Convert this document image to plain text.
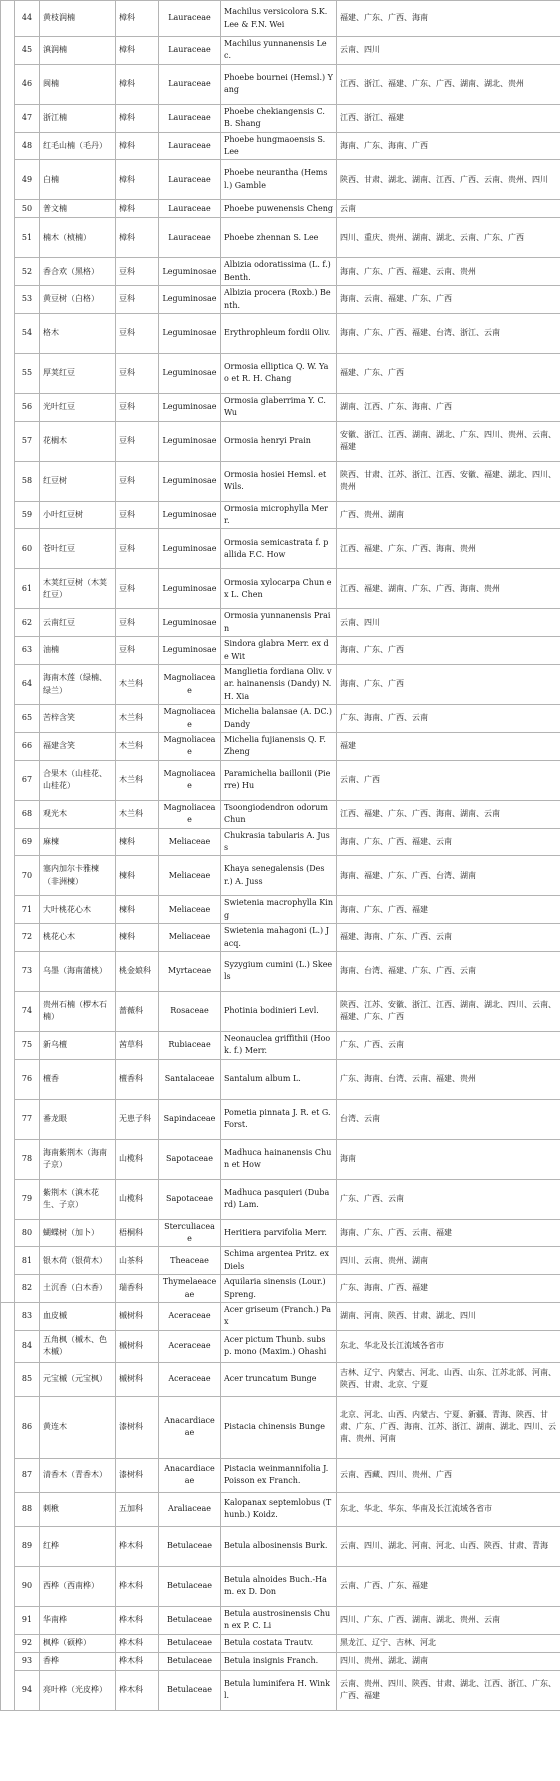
	44	黄枝润楠	樟科	Lauraceae	Machilus versicolora S.K. Lee & F.N. Wei	福建、广东、广西、海南
	45	滇润楠	樟科	Lauraceae	Machilus yunnanensis Lec.	云南、四川
	46	闽楠	樟科	Lauraceae	Phoebe bournei (Hemsl.) Yang	江西、浙江、福建、广东、广西、湖南、湖北、贵州
	47	浙江楠	樟科	Lauraceae	Phoebe chekiangensis C. B. Shang	江西、浙江、福建
	48	红毛山楠（毛丹）	樟科	Lauraceae	Phoebe hungmaoensis S. Lee	海南、广东、海南、广西
	49	白楠	樟科	Lauraceae	Phoebe neurantha (Hemsl.) Gamble	陕西、甘肃、湖北、湖南、江西、广西、云南、贵州、四川
	50	普文楠	樟科	Lauraceae	Phoebe puwenensis Cheng	云南
	51	楠木（桢楠）	樟科	Lauraceae	Phoebe zhennan S. Lee	四川、重庆、贵州、湖南、湖北、云南、广东、广西
	52	香合欢（黑格）	豆科	Leguminosae	Albizia odoratissima (L. f.) Benth.	海南、广东、广西、福建、云南、贵州
	53	黄豆树（白格）	豆科	Leguminosae	Albizia procera (Roxb.) Benth.	海南、云南、福建、广东、广西
	54	格木	豆科	Leguminosae	Erythrophleum fordii Oliv.	海南、广东、广西、福建、台湾、浙江、云南
	55	厚荚红豆	豆科	Leguminosae	Ormosia elliptica Q. W. Yao et R. H. Chang	福建、广东、广西
	56	光叶红豆	豆科	Leguminosae	Ormosia glaberrima Y. C. Wu	湖南、江西、广东、海南、广西
	57	花榈木	豆科	Leguminosae	Ormosia henryi Prain	安徽、浙江、江西、湖南、湖北、广东、四川、贵州、云南、福建
	58	红豆树	豆科	Leguminosae	Ormosia hosiei Hemsl. et Wils.	陕西、甘肃、江苏、浙江、江西、安徽、福建、湖北、四川、贵州
	59	小叶红豆树	豆科	Leguminosae	Ormosia microphylla Merr.	广西、贵州、湖南
	60	苍叶红豆	豆科	Leguminosae	Ormosia semicastrata f. pallida F.C. How	江西、福建、广东、广西、海南、贵州
	61	木荚红豆树（木荚红豆）	豆科	Leguminosae	Ormosia xylocarpa Chun ex L. Chen	江西、福建、湖南、广东、广西、海南、贵州
	62	云南红豆	豆科	Leguminosae	Ormosia yunnanensis Prain	云南、四川
	63	油楠	豆科	Leguminosae	Sindora glabra Merr. ex de Wit	海南、广东、广西
	64	海南木莲（绿楠、绿兰）	木兰科	Magnoliaceae	Manglietia fordiana Oliv. var. hainanensis (Dandy) N. H. Xia	海南、广东、广西
	65	苦梓含笑	木兰科	Magnoliaceae	Michelia balansae (A. DC.) Dandy	广东、海南、广西、云南
	66	福建含笑	木兰科	Magnoliaceae	Michelia fujianensis Q. F. Zheng	福建
	67	合果木（山桂花、山桂花）	木兰科	Magnoliaceae	Paramichelia baillonii (Pierre) Hu	云南、广西
	68	观光木	木兰科	Magnoliaceae	Tsoongiodendron odorum Chun	江西、福建、广东、广西、海南、湖南、云南
	69	麻楝	楝科	Meliaceae	Chukrasia tabularis A. Juss	海南、广东、广西、福建、云南
	70	塞内加尔卡雅楝（非洲楝）	楝科	Meliaceae	Khaya senegalensis (Desr.) A. Juss	海南、福建、广东、广西、台湾、湖南
	71	大叶桃花心木	楝科	Meliaceae	Swietenia macrophylla King	海南、广东、广西、福建
	72	桃花心木	楝科	Meliaceae	Swietenia mahagoni (L.) Jacq.	福建、海南、广东、广西、云南
	73	乌墨（海南蒲桃）	桃金娘科	Myrtaceae	Syzygium cumini (L.) Skeels	海南、台湾、福建、广东、广西、云南
	74	贵州石楠（椤木石楠）	蔷薇科	Rosaceae	Photinia bodinieri Levl.	陕西、江苏、安徽、浙江、江西、湖南、湖北、四川、云南、福建、广东、广西
	75	新乌檀	茜草科	Rubiaceae	Neonauclea griffithii (Hook. f.) Merr.	广东、广西、云南
	76	檀香	檀香科	Santalaceae	Santalum album L.	广东、海南、台湾、云南、福建、贵州
	77	番龙眼	无患子科	Sapindaceae	Pometia pinnata J. R. et G. Forst.	台湾、云南
	78	海南紫荆木（海南子京）	山榄科	Sapotaceae	Madhuca hainanensis Chun et How	海南
	79	紫荆木（滇木花生、子京）	山榄科	Sapotaceae	Madhuca pasquieri (Dubard) Lam.	广东、广西、云南
	80	蝴蝶树（加卜）	梧桐科	Sterculiaceae	Heritiera parvifolia Merr.	海南、广东、广西、云南、福建
	81	银木荷（银荷木）	山茶科	Theaceae	Schima argentea Pritz. ex Diels	四川、云南、贵州、湖南
	82	土沉香（白木香）	瑞香科	Thymelaeaceae	Aquilaria sinensis (Lour.) Spreng.	广东、海南、广西、福建
	83	血皮槭	槭树科	Aceraceae	Acer griseum (Franch.) Pax	湖南、河南、陕西、甘肃、湖北、四川
	84	五角枫（槭木、色木槭）	槭树科	Aceraceae	Acer pictum Thunb. subsp. mono (Maxim.) Ohashi	东北、华北及长江流域各省市
	85	元宝槭（元宝枫）	槭树科	Aceraceae	Acer truncatum Bunge	吉林、辽宁、内蒙古、河北、山西、山东、江苏北部、河南、陕西、甘肃、北京、宁夏
	86	黄连木	漆树科	Anacardiaceae	Pistacia chinensis Bunge	北京、河北、山西、内蒙古、宁夏、新疆、青海、陕西、甘肃、广东、广西、海南、江苏、浙江、湖南、湖北、四川、云南、贵州、河南
	87	清香木（青香木）	漆树科	Anacardiaceae	Pistacia weinmannifolia J. Poisson ex Franch.	云南、西藏、四川、贵州、广西
	88	刺楸	五加科	Araliaceae	Kalopanax septemlobus (Thunb.) Koidz.	东北、华北、华东、华南及长江流域各省市
	89	红桦	桦木科	Betulaceae	Betula albosinensis Burk.	云南、四川、湖北、河南、河北、山西、陕西、甘肃、青海
	90	西桦（西南桦）	桦木科	Betulaceae	Betula alnoides Buch.-Ham. ex D. Don	云南、广西、广东、福建
	91	华南桦	桦木科	Betulaceae	Betula austrosinensis Chun ex P. C. Li	四川、广东、广西、湖南、湖北、贵州、云南
	92	枫桦（硕桦）	桦木科	Betulaceae	Betula costata Trautv.	黑龙江、辽宁、吉林、河北
	93	香桦	桦木科	Betulaceae	Betula insignis Franch.	四川、贵州、湖北、湖南
	94	亮叶桦（光皮桦）	桦木科	Betulaceae	Betula luminifera H. Winkl.	云南、贵州、四川、陕西、甘肃、湖北、江西、浙江、广东、广西、福建
